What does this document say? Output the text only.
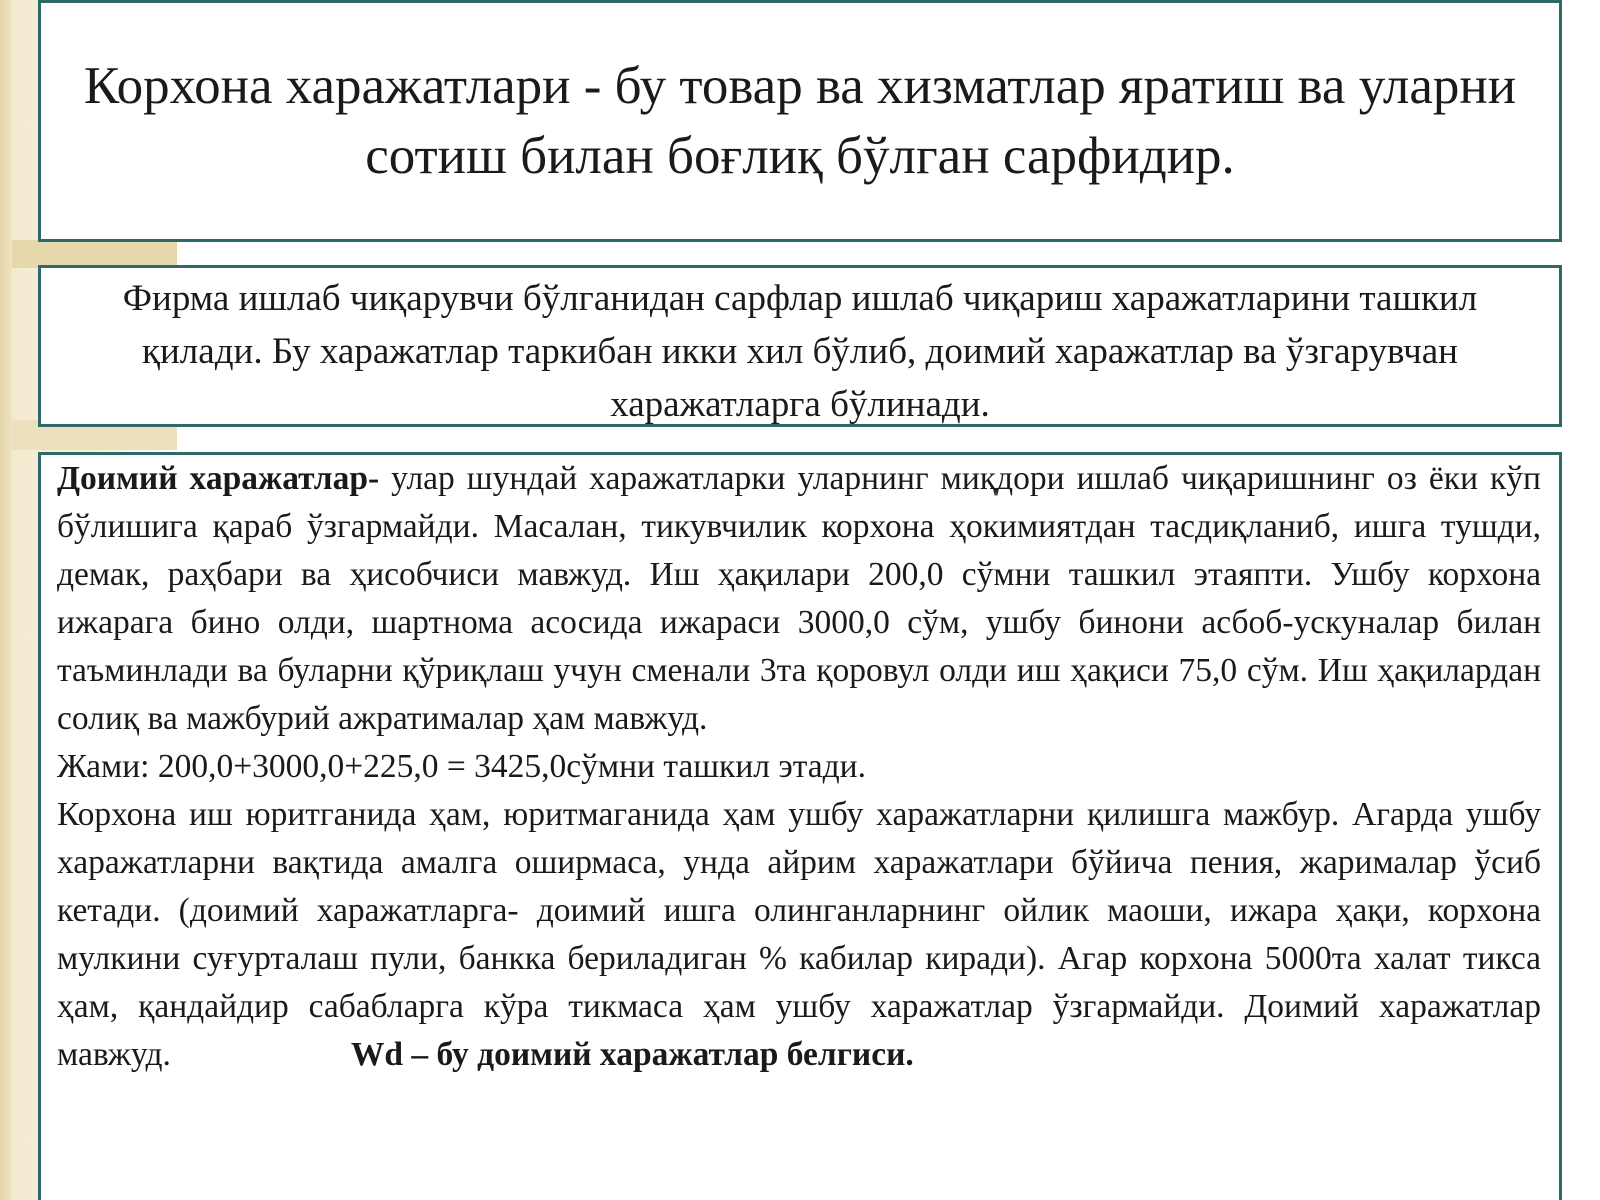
Корхона харажатлари - бу товар ва хизматлар яратиш ва уларни сотиш билан боғлиқ бўлган сарфидир.
Фирма ишлаб чиқарувчи бўлганидан сарфлар ишлаб чиқариш харажатларини ташкил қилади. Бу харажатлар таркибан икки хил бўлиб, доимий харажатлар ва ўзгарувчан харажатларга бўлинади.

Доимий харажатлар- улар шундай харажатларки уларнинг миқдори ишлаб чиқаришнинг оз ёки кўп бўлишига қараб ўзгармайди. Масалан, тикувчилик корхона ҳокимиятдан тасдиқланиб, ишга тушди, демак, раҳбари ва ҳисобчиси мавжуд. Иш ҳақилари 200,0 сўмни ташкил этаяпти. Ушбу корхона ижарага бино олди, шартнома асосида ижараси 3000,0 сўм, ушбу бинони асбоб-ускуналар билан таъминлади ва буларни қўриқлаш учун сменали 3та қоровул олди иш ҳақиси 75,0 сўм. Иш ҳақилардан солиқ ва мажбурий ажратималар ҳам мавжуд.

Жами: 200,0+3000,0+225,0 = 3425,0сўмни ташкил этади.

Корхона иш юритганида ҳам, юритмаганида ҳам ушбу харажатларни қилишга мажбур. Агарда ушбу харажатларни вақтида амалга оширмаса, унда айрим харажатлари бўйича пения, жарималар ўсиб кетади. (доимий харажатларга- доимий ишга олинганларнинг ойлик маоши, ижара ҳақи, корхона мулкини суғурталаш пули, банкка бериладиган % кабилар киради). Агар корхона 5000та халат тикса ҳам, қандайдир сабабларга кўра тикмаса ҳам ушбу харажатлар ўзгармайди. Доимий харажатлар мавжуд.	Wd – бу доимий харажатлар белгиси.
